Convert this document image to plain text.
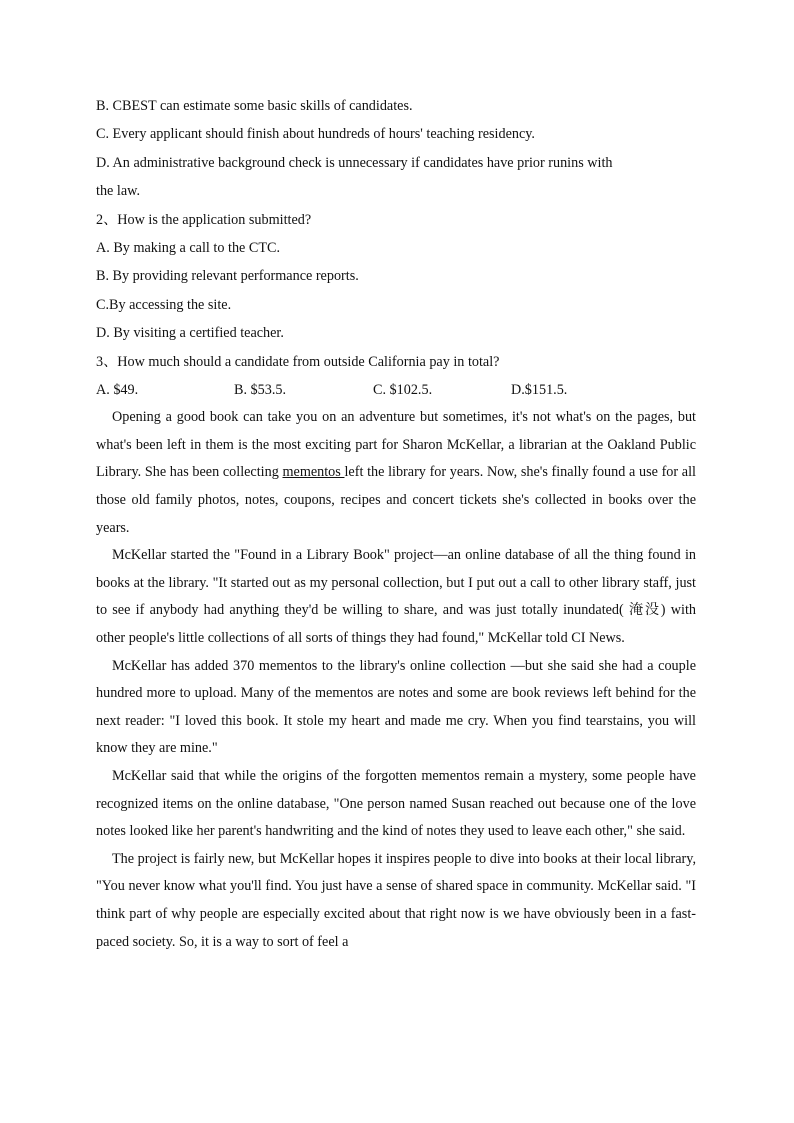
B. CBEST can estimate some basic skills of candidates.
C. Every applicant should finish about hundreds of hours' teaching residency.
D. An administrative background check is unnecessary if candidates have prior runins with
the law.
2、How is the application submitted?
A. By making a call to the CTC.
B. By providing relevant performance reports.
C.By accessing the site.
D. By visiting a certified teacher.
3、How much should a candidate from outside California pay in total?
A. $49.	B. $53.5.	C. $102.5.	D.$151.5.

Opening a good book can take you on an adventure but sometimes, it's not what's on the pages, but what's been left in them is the most exciting part for Sharon McKellar, a librarian at the Oakland Public Library. She has been collecting mementos left the library for years. Now, she's finally found a use for all those old family photos, notes, coupons, recipes and concert tickets she's collected in books over the years.

McKellar started the "Found in a Library Book" project—an online database of all the thing found in books at the library. "It started out as my personal collection, but I put out a call to other library staff, just to see if anybody had anything they'd be willing to share, and was just totally inundated( 淹没) with other people's little collections of all sorts of things they had found," McKellar told CI News.

McKellar has added 370 mementos to the library's online collection —but she said she had a couple hundred more to upload. Many of the mementos are notes and some are book reviews left behind for the next reader: "I loved this book. It stole my heart and made me cry. When you find tearstains, you will know they are mine."

McKellar said that while the origins of the forgotten mementos remain a mystery, some people have recognized items on the online database, "One person named Susan reached out because one of the love notes looked like her parent's handwriting and the kind of notes they used to leave each other," she said.

The project is fairly new, but McKellar hopes it inspires people to dive into books at their local library, "You never know what you'll find. You just have a sense of shared space in community. McKellar said. "I think part of why people are especially excited about that right now is we have obviously been in a fast-paced society. So, it is a way to sort of feel a
